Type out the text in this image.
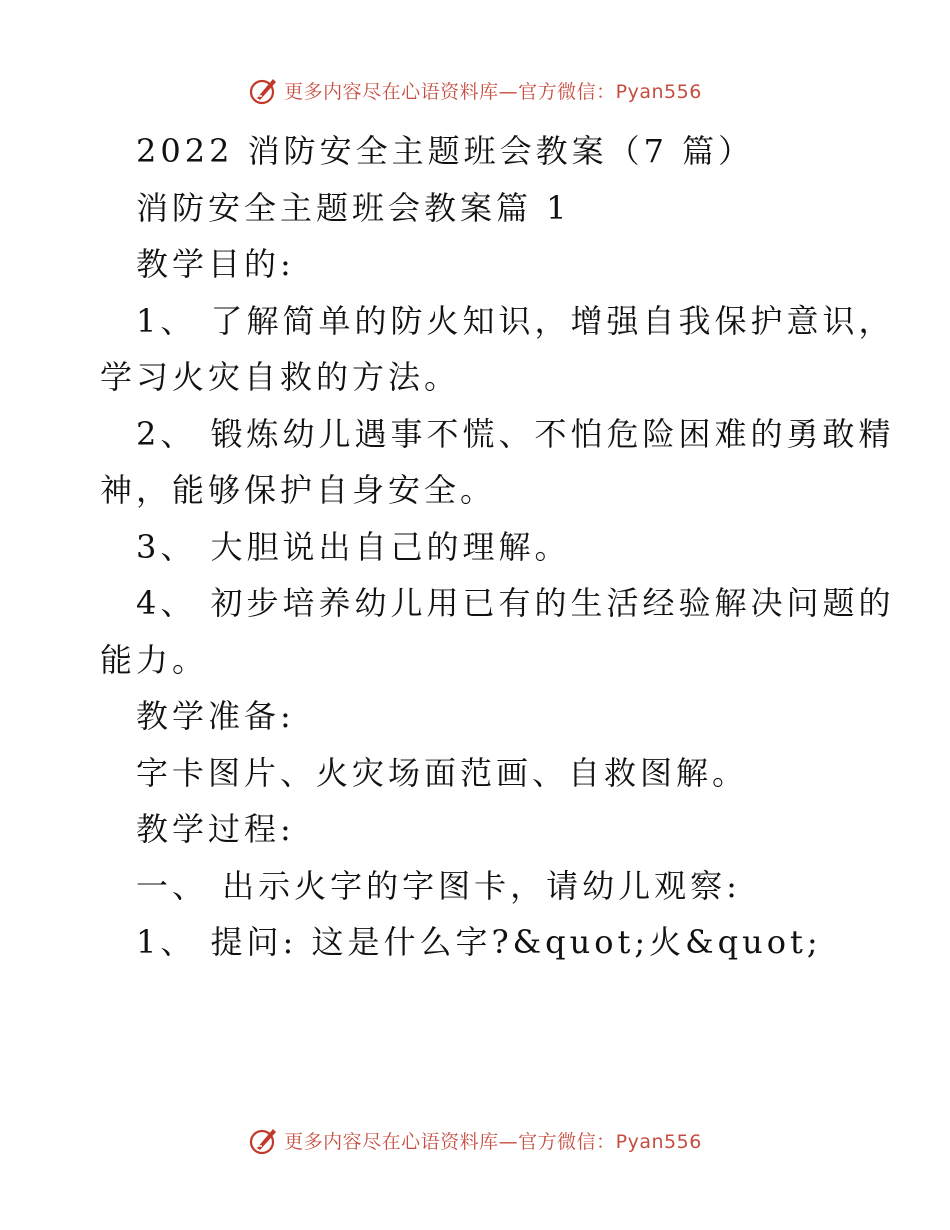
更多内容尽在心语资料库—官方微信：Pyan556
2022 消防安全主题班会教案（7 篇）
消防安全主题班会教案篇 1
教学目的:
1、 了解简单的防火知识，增强自我保护意识，
学习火灾自救的方法。
2、 锻炼幼儿遇事不慌、不怕危险困难的勇敢精
神，能够保护自身安全。
3、 大胆说出自己的理解。
4、 初步培养幼儿用已有的生活经验解决问题的
能力。
教学准备:
字卡图片、火灾场面范画、自救图解。
教学过程:
一、 出示火字的字图卡，请幼儿观察:
1、 提问: 这是什么字?&quot;火&quot;
更多内容尽在心语资料库—官方微信：Pyan556
